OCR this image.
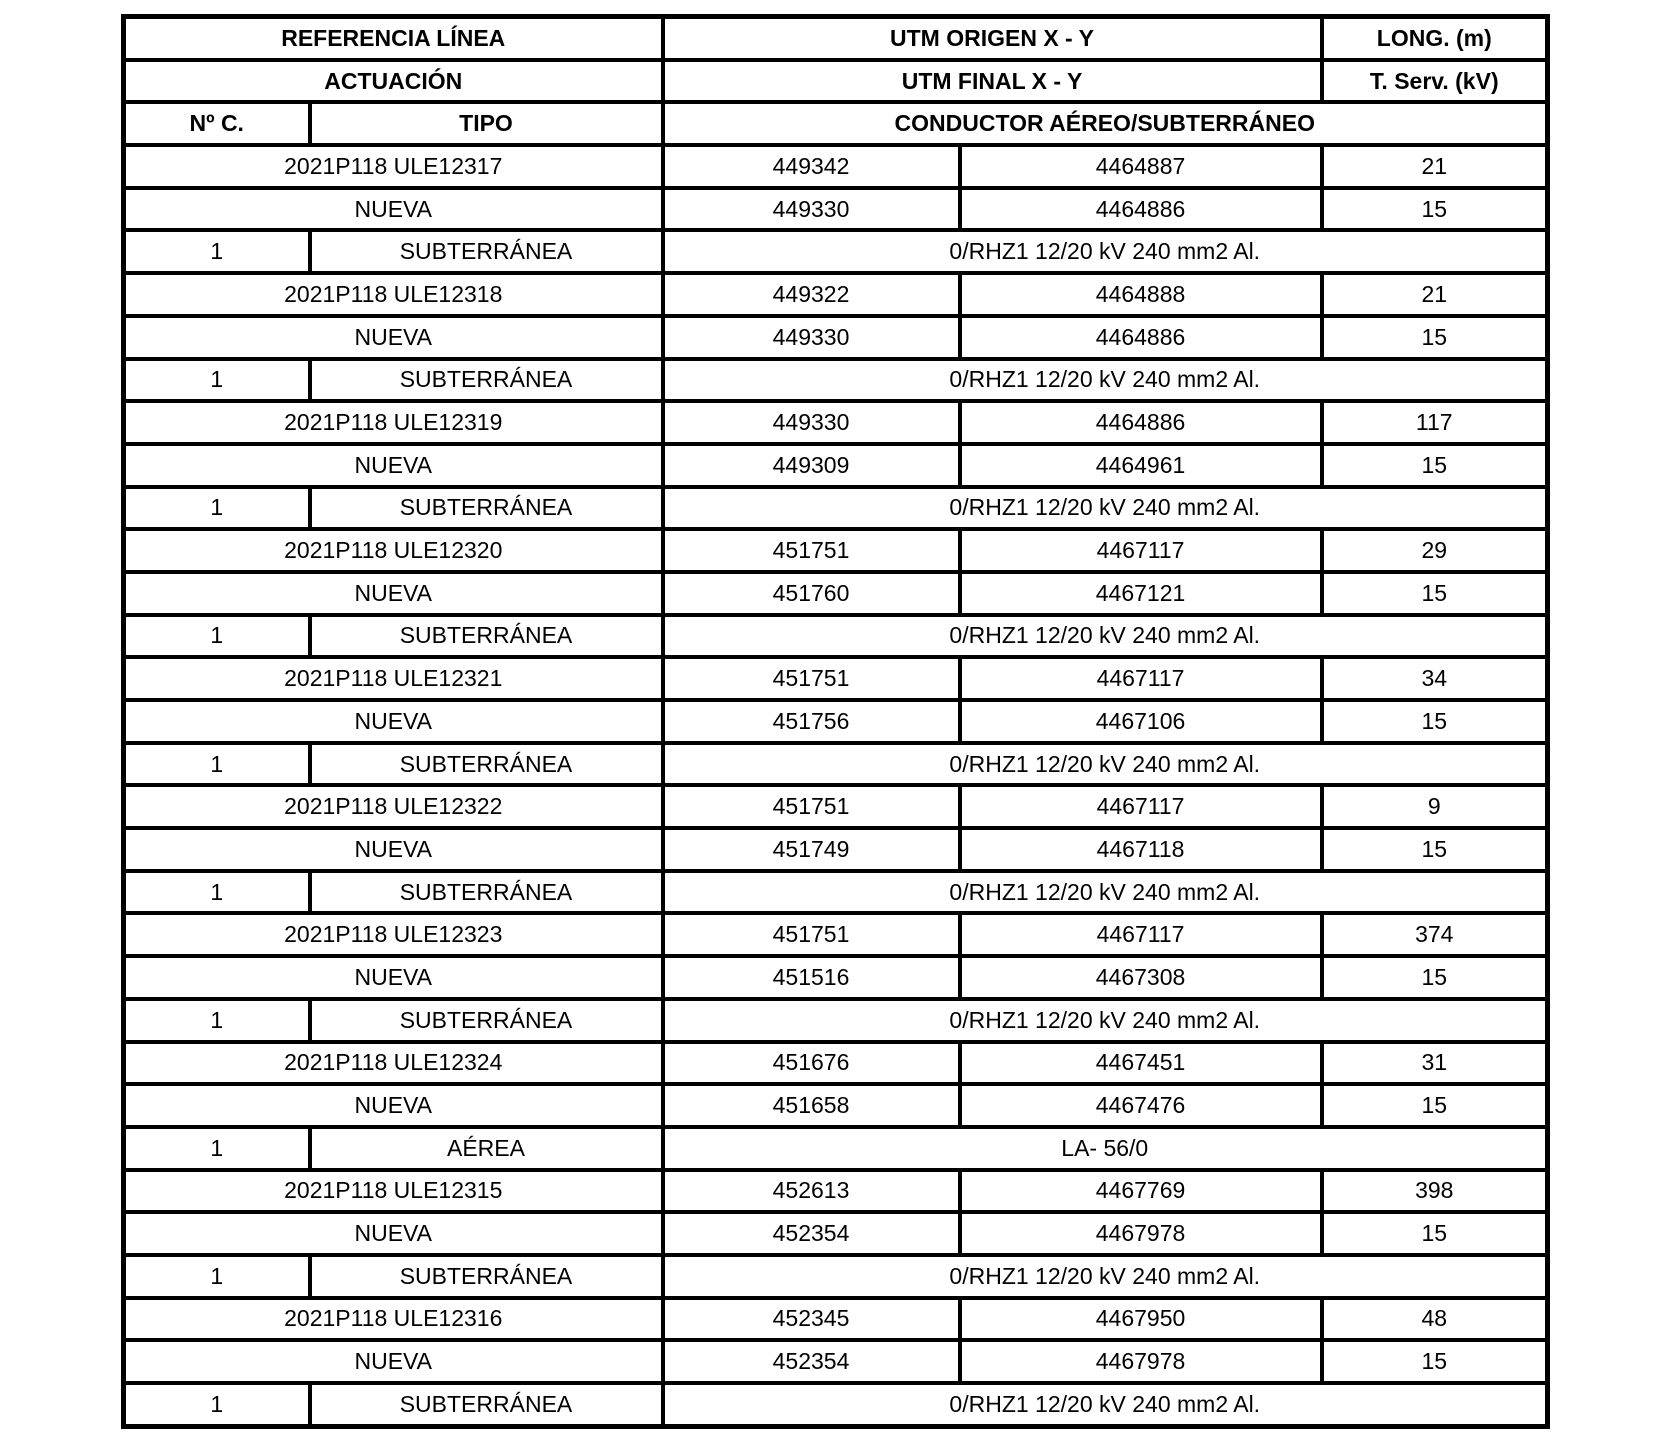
REFERENCIA LÍNEA		UTM ORIGEN X - Y		LONG. (m)
ACTUACIÓN		UTM FINAL X - Y		T. Serv. (kV)
Nº C.	TIPO	CONDUCTOR AÉREO/SUBTERRÁNEO		
2021P118 ULE12317		449342	4464887	21
NUEVA		449330	4464886	15
1	SUBTERRÁNEA	0/RHZ1 12/20 kV 240 mm2 Al.		
2021P118 ULE12318		449322	4464888	21
NUEVA		449330	4464886	15
1	SUBTERRÁNEA	0/RHZ1 12/20 kV 240 mm2 Al.		
2021P118 ULE12319		449330	4464886	117
NUEVA		449309	4464961	15
1	SUBTERRÁNEA	0/RHZ1 12/20 kV 240 mm2 Al.		
2021P118 ULE12320		451751	4467117	29
NUEVA		451760	4467121	15
1	SUBTERRÁNEA	0/RHZ1 12/20 kV 240 mm2 Al.		
2021P118 ULE12321		451751	4467117	34
NUEVA		451756	4467106	15
1	SUBTERRÁNEA	0/RHZ1 12/20 kV 240 mm2 Al.		
2021P118 ULE12322		451751	4467117	9
NUEVA		451749	4467118	15
1	SUBTERRÁNEA	0/RHZ1 12/20 kV 240 mm2 Al.		
2021P118 ULE12323		451751	4467117	374
NUEVA		451516	4467308	15
1	SUBTERRÁNEA	0/RHZ1 12/20 kV 240 mm2 Al.		
2021P118 ULE12324		451676	4467451	31
NUEVA		451658	4467476	15
1	AÉREA	LA- 56/0		
2021P118 ULE12315		452613	4467769	398
NUEVA		452354	4467978	15
1	SUBTERRÁNEA	0/RHZ1 12/20 kV 240 mm2 Al.		
2021P118 ULE12316		452345	4467950	48
NUEVA		452354	4467978	15
1	SUBTERRÁNEA	0/RHZ1 12/20 kV 240 mm2 Al.		
